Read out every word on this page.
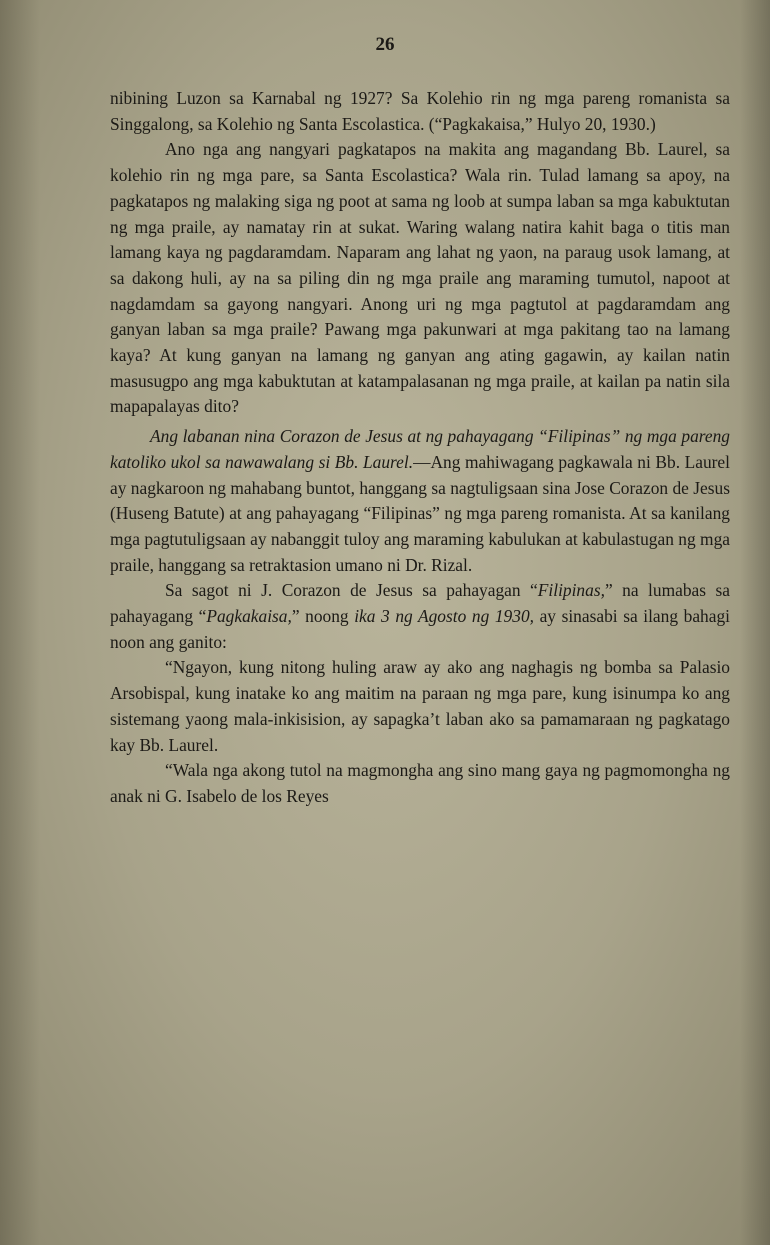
26

nibining Luzon sa Karnabal ng 1927? Sa Kolehio rin ng mga pareng romanista sa Singgalong, sa Kolehio ng Santa Escolastica. (“Pagkakaisa,” Hulyo 20, 1930.)

Ano nga ang nangyari pagkatapos na makita ang magandang Bb. Laurel, sa kolehio rin ng mga pare, sa Santa Escolastica? Wala rin. Tulad lamang sa apoy, na pagkatapos ng malaking siga ng poot at sama ng loob at sumpa laban sa mga kabuktutan ng mga praile, ay namatay rin at sukat. Waring walang natira kahit baga o titis man lamang kaya ng pagdaramdam. Naparam ang lahat ng yaon, na paraug usok lamang, at sa dakong huli, ay na sa piling din ng mga praile ang maraming tumutol, napoot at nagdamdam sa gayong nangyari. Anong uri ng mga pagtutol at pagdaramdam ang ganyan laban sa mga praile? Pawang mga pakunwari at mga pakitang tao na lamang kaya? At kung ganyan na lamang ng ganyan ang ating gagawin, ay kailan natin masusugpo ang mga kabuktutan at katampalasanan ng mga praile, at kailan pa natin sila mapapalayas dito?

Ang labanan nina Corazon de Jesus at ng pahayagang “Filipinas” ng mga pareng katoliko ukol sa nawawalang si Bb. Laurel.—Ang mahiwagang pagkawala ni Bb. Laurel ay nagkaroon ng mahabang buntot, hanggang sa nagtuligsaan sina Jose Corazon de Jesus (Huseng Batute) at ang pahayagang “Filipinas” ng mga pareng romanista. At sa kanilang mga pagtutuligsaan ay nabanggit tuloy ang maraming kabulukan at kabulastugan ng mga praile, hanggang sa retraktasion umano ni Dr. Rizal.

Sa sagot ni J. Corazon de Jesus sa pahayagan “Filipinas,” na lumabas sa pahayagang “Pagkakaisa,” noong ika 3 ng Agosto ng 1930, ay sinasabi sa ilang bahagi noon ang ganito:

“Ngayon, kung nitong huling araw ay ako ang naghagis ng bomba sa Palasio Arsobispal, kung inatake ko ang maitim na paraan ng mga pare, kung isinumpa ko ang sistemang yaong mala-inkisision, ay sapagka’t laban ako sa pamamaraan ng pagkatago kay Bb. Laurel.

“Wala nga akong tutol na magmongha ang sino mang gaya ng pagmomongha ng anak ni G. Isabelo de los Reyes
